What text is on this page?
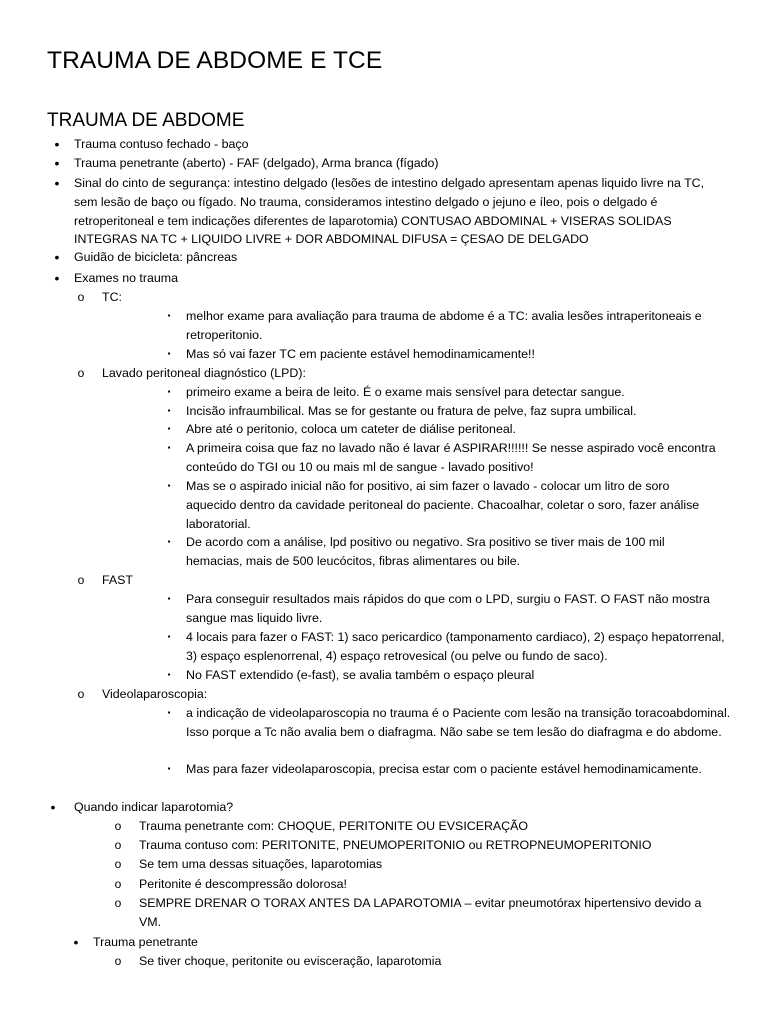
TRAUMA DE ABDOME E TCE
TRAUMA DE ABDOME
• Trauma contuso fechado - baço
• Trauma penetrante (aberto) - FAF (delgado), Arma branca (fígado)
• Sinal do cinto de segurança: intestino delgado (lesões de intestino delgado apresentam apenas liquido livre na TC, sem lesão de baço ou fígado. No trauma, consideramos intestino delgado o jejuno e íleo, pois o delgado é retroperitoneal e tem indicações diferentes de laparotomia) CONTUSAO ABDOMINAL + VISERAS SOLIDAS INTEGRAS NA TC + LIQUIDO LIVRE + DOR ABDOMINAL DIFUSA = ÇESAO DE DELGADO
• Guidão de bicicleta: pâncreas
• Exames no trauma
o TC:
▪ melhor exame para avaliação para trauma de abdome é a TC: avalia lesões intraperitoneais e retroperitonio.
▪ Mas só vai fazer TC em paciente estável hemodinamicamente!!
o Lavado peritoneal diagnóstico (LPD):
▪ primeiro exame a beira de leito. É o exame mais sensível para detectar sangue.
▪ Incisão infraumbilical. Mas se for gestante ou fratura de pelve, faz supra umbilical.
▪ Abre até o peritonio, coloca um cateter de diálise peritoneal.
▪ A primeira coisa que faz no lavado não é lavar é ASPIRAR!!!!!! Se nesse aspirado você encontra conteúdo do TGI ou 10 ou mais ml de sangue - lavado positivo!
▪ Mas se o aspirado inicial não for positivo, ai sim fazer o lavado - colocar um litro de soro aquecido dentro da cavidade peritoneal do paciente. Chacoalhar, coletar o soro, fazer análise laboratorial.
▪ De acordo com a análise, lpd positivo ou negativo. Sra positivo se tiver mais de 100 mil hemacias, mais de 500 leucócitos, fibras alimentares ou bile.
o FAST
▪ Para conseguir resultados mais rápidos do que com o LPD, surgiu o FAST. O FAST não mostra sangue mas liquido livre.
▪ 4 locais para fazer o FAST: 1) saco pericardico (tamponamento cardiaco), 2) espaço hepatorrenal, 3) espaço esplenorrenal, 4) espaço retrovesical (ou pelve ou fundo de saco).
▪ No FAST extendido (e-fast), se avalia também o espaço pleural
o Videolaparoscopia:
▪ a indicação de videolaparoscopia no trauma é o Paciente com lesão na transição toracoabdominal. Isso porque a Tc não avalia bem o diafragma. Não sabe se tem lesão do diafragma e do abdome.
▪ Mas para fazer videolaparoscopia, precisa estar com o paciente estável hemodinamicamente.
• Quando indicar laparotomia?
o Trauma penetrante com: CHOQUE, PERITONITE OU EVSICERAÇÃO
o Trauma contuso com: PERITONITE, PNEUMOPERITONIO ou RETROPNEUMOPERITONIO
o Se tem uma dessas situações, laparotomias
o Peritonite é descompressão dolorosa!
o SEMPRE DRENAR O TORAX ANTES DA LAPAROTOMIA – evitar pneumotórax hipertensivo devido a VM.
• Trauma penetrante
o Se tiver choque, peritonite ou evisceração, laparotomia
